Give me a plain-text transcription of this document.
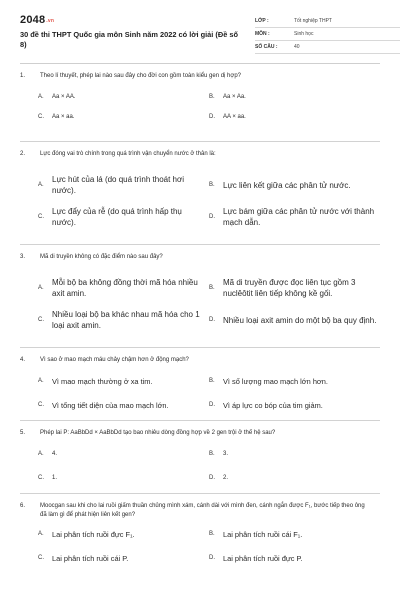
2048.vn
30 đề thi THPT Quốc gia môn Sinh năm 2022 có lời giải (Đề số 8)
LỚP :	Tốt nghiệp THPT
MÔN :	Sinh học
SỐ CÂU :	40
1.	Theo lí thuyết, phép lai nào sau đây cho đời con gồm toàn kiểu gen dị hợp?
A.	Aa × AA.	B.	Aa × Aa.
C.	Aa × aa.	D.	AA × aa.
2.	Lực đóng vai trò chính trong quá trình vận chuyển nước ở thân là:
A.
Lực hút của lá (do quá trình thoát hơi nước).
B.	Lực liên kết giữa các phân tử nước.
C.
Lực đẩy của rễ (do quá trình hấp thụ nước).
D.
Lực bám giữa các phân tử nước với thành mạch dẫn.
3.	Mã di truyền không có đặc điểm nào sau đây?
A.
Mỗi bộ ba không đồng thời mã hóa nhiều axit amin.
B.
Mã di truyền được đọc liên tục gồm 3 nuclêôtit liên tiếp không kề gối.
C.
Nhiều loại bộ ba khác nhau mã hóa cho 1 loại axit amin.
D.	Nhiều loại axit amin do một bộ ba quy định.
4.	Vì sao ở mao mạch máu chảy chậm hơn ở động mạch?
A.	Vì mao mạch thường ở xa tim.	B.	Vì số lượng mao mạch lớn hơn.
C.	Vì tổng tiết diện của mao mạch lớn.	D.	Vì áp lực co bóp của tim giảm.
5.	Phép lai P: AaBbDd × AaBbDd tạo bao nhiêu dòng đồng hợp về 2 gen trội ở thế hệ sau?
A.	4.	B.	3.
C.	1.	D.	2.
6.	Moocgan sau khi cho lai ruồi giấm thuần chủng mình xám, cánh dài với mình đen, cánh ngắn được F₁, bước tiếp theo ông đã làm gì để phát hiện liên kết gen?
A.	Lai phân tích ruồi đực F₁.	B.	Lai phân tích ruồi cái F₁.
C.	Lai phân tích ruồi cái P.	D.	Lai phân tích ruồi đực P.
